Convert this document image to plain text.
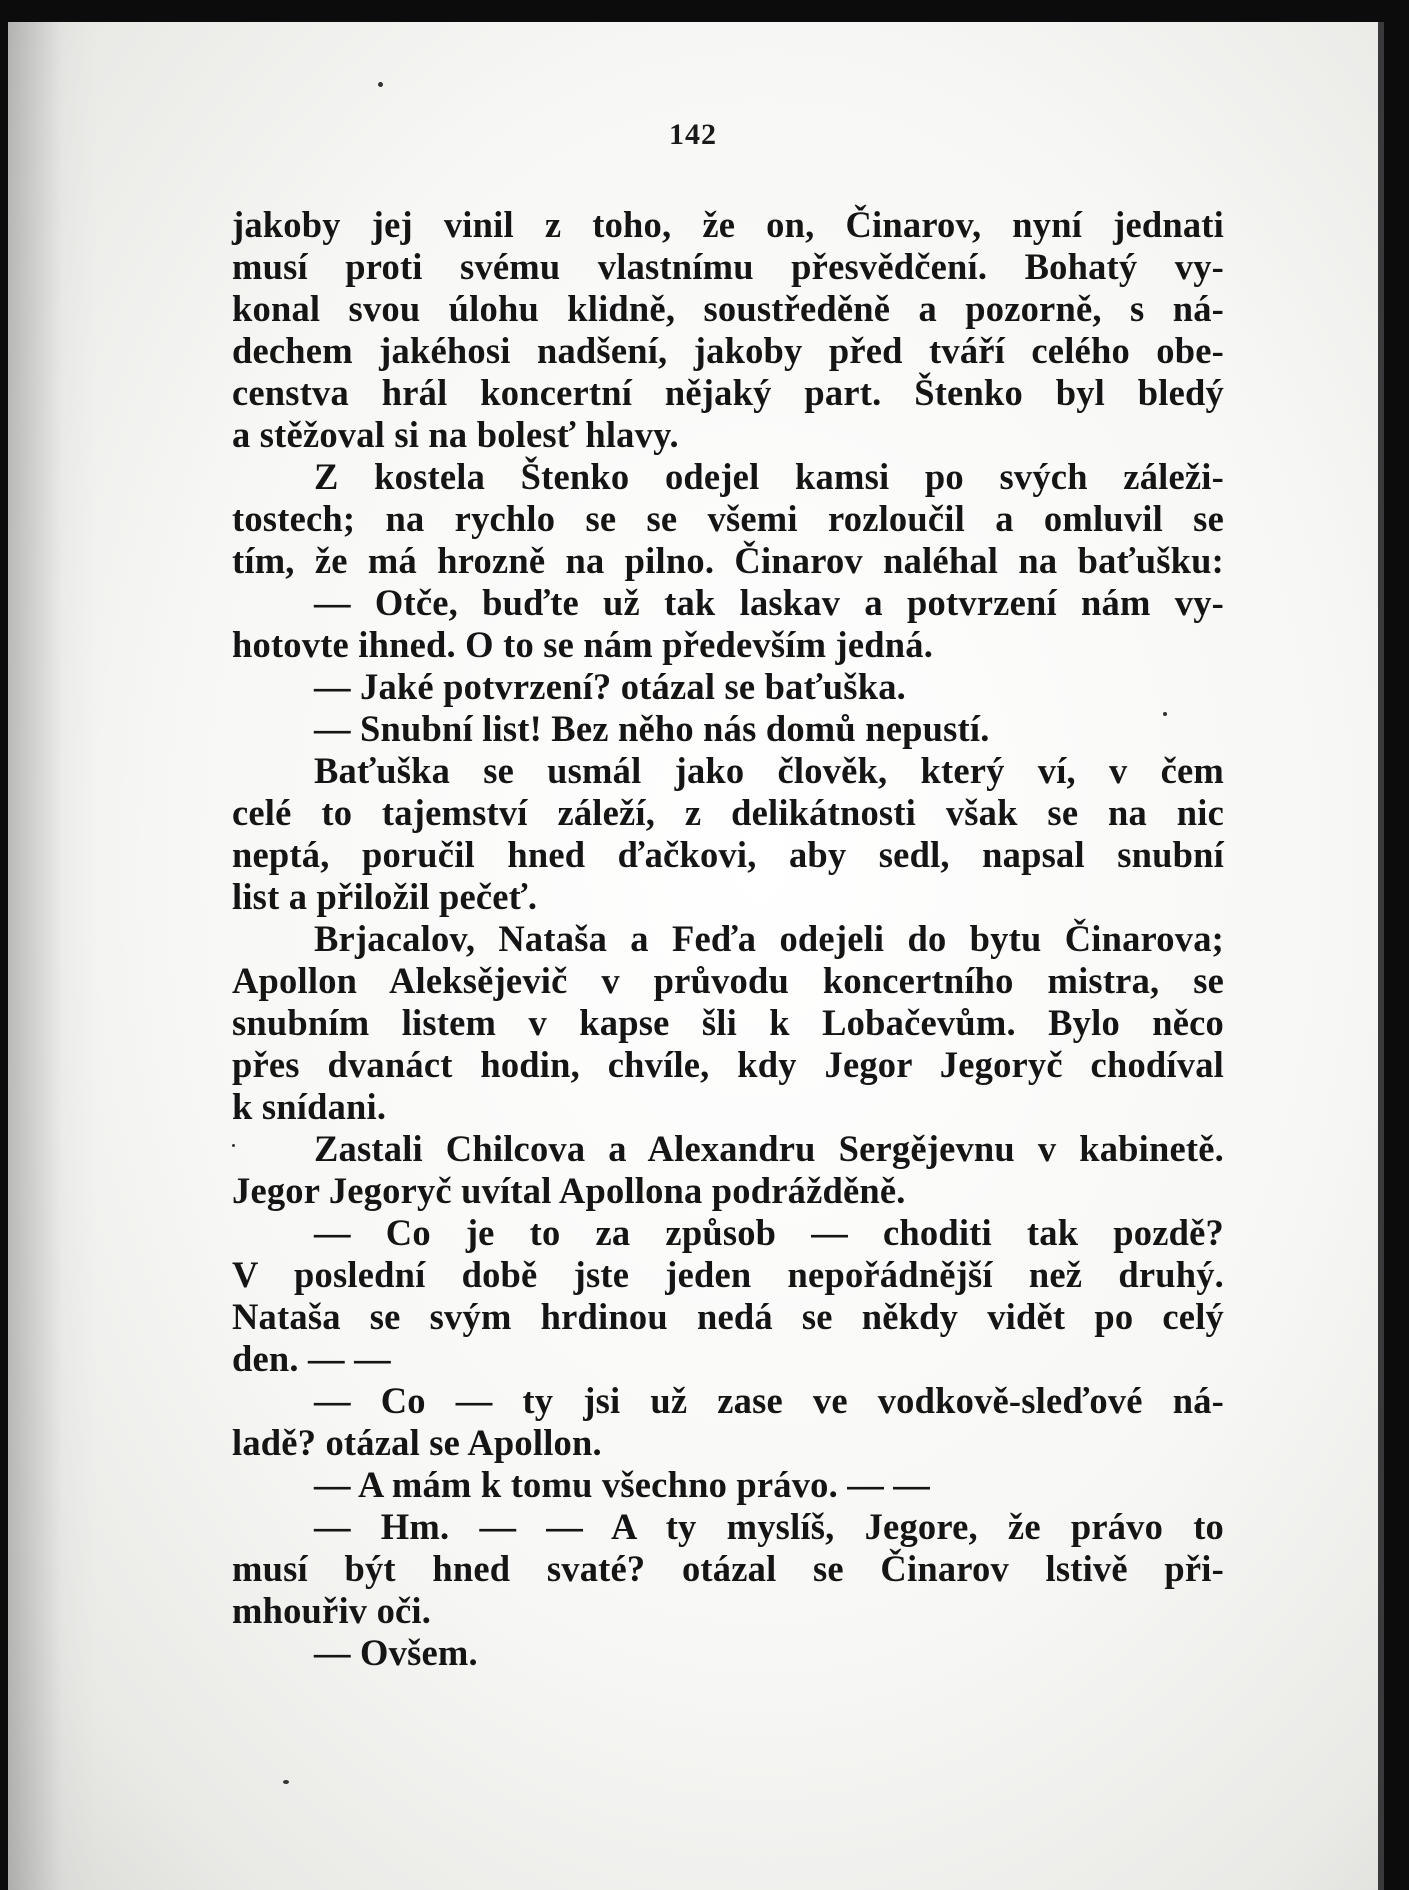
142
jakoby jej vinil z toho, že on, Činarov, nyní jednati
musí proti svému vlastnímu přesvědčení. Bohatý vy-
konal svou úlohu klidně, soustředěně a pozorně, s ná-
dechem jakéhosi nadšení, jakoby před tváří celého obe-
censtva hrál koncertní nějaký part. Štenko byl bledý
a stěžoval si na bolesť hlavy.
Z kostela Štenko odejel kamsi po svých záleži-
tostech; na rychlo se se všemi rozloučil a omluvil se
tím, že má hrozně na pilno. Činarov naléhal na baťušku:
— Otče, buďte už tak laskav a potvrzení nám vy-
hotovte ihned. O to se nám především jedná.
— Jaké potvrzení? otázal se baťuška.
— Snubní list! Bez něho nás domů nepustí.
Baťuška se usmál jako člověk, který ví, v čem
celé to tajemství záleží, z delikátnosti však se na nic
neptá, poručil hned ďačkovi, aby sedl, napsal snubní
list a přiložil pečeť.
Brjacalov, Nataša a Feďa odejeli do bytu Činarova;
Apollon Aleksějevič v průvodu koncertního mistra, se
snubním listem v kapse šli k Lobačevům. Bylo něco
přes dvanáct hodin, chvíle, kdy Jegor Jegoryč chodíval
k snídani.
Zastali Chilcova a Alexandru Sergějevnu v kabinetě.
Jegor Jegoryč uvítal Apollona podrážděně.
— Co je to za způsob — choditi tak pozdě?
V poslední době jste jeden nepořádnější než druhý.
Nataša se svým hrdinou nedá se někdy vidět po celý
den. — —
— Co — ty jsi už zase ve vodkově-sleďové ná-
ladě? otázal se Apollon.
— A mám k tomu všechno právo. — —
— Hm. — — A ty myslíš, Jegore, že právo to
musí být hned svaté? otázal se Činarov lstivě při-
mhouřiv oči.
— Ovšem.
